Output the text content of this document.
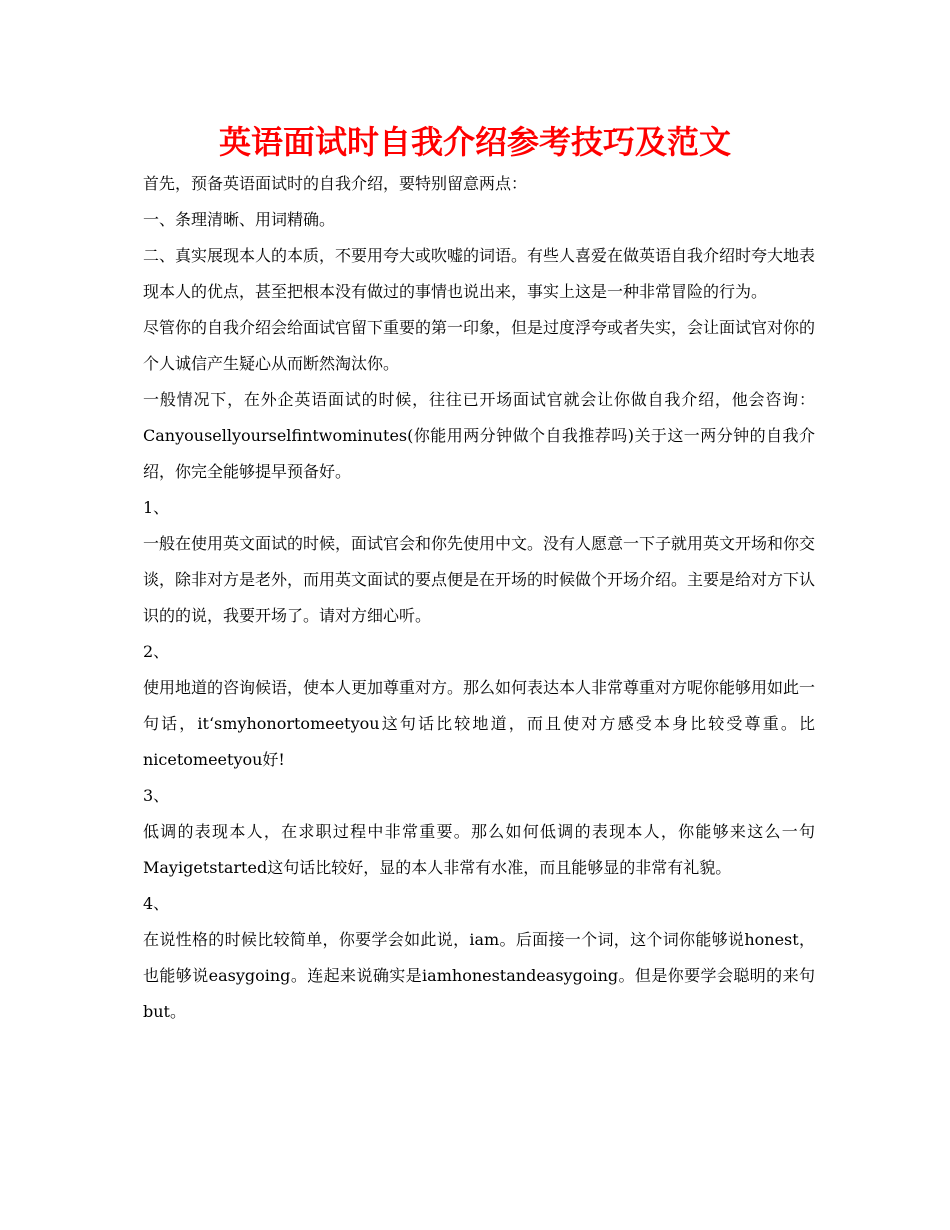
英语面试时自我介绍参考技巧及范文

首先，预备英语面试时的自我介绍，要特别留意两点：

一、条理清晰、用词精确。

二、真实展现本人的本质，不要用夸大或吹嘘的词语。有些人喜爱在做英语自我介绍时夸大地表现本人的优点，甚至把根本没有做过的事情也说出来，事实上这是一种非常冒险的行为。

尽管你的自我介绍会给面试官留下重要的第一印象，但是过度浮夸或者失实，会让面试官对你的个人诚信产生疑心从而断然淘汰你。

一般情况下，在外企英语面试的时候，往往已开场面试官就会让你做自我介绍，他会咨询：Canyousellyourselfintwominutes(你能用两分钟做个自我推荐吗)关于这一两分钟的自我介绍，你完全能够提早预备好。

1、

一般在使用英文面试的时候，面试官会和你先使用中文。没有人愿意一下子就用英文开场和你交谈，除非对方是老外，而用英文面试的要点便是在开场的时候做个开场介绍。主要是给对方下认识的的说，我要开场了。请对方细心听。

2、

使用地道的咨询候语，使本人更加尊重对方。那么如何表达本人非常尊重对方呢你能够用如此一句话，it‘smyhonortomeetyou这句话比较地道，而且使对方感受本身比较受尊重。比nicetomeetyou好!

3、

低调的表现本人，在求职过程中非常重要。那么如何低调的表现本人，你能够来这么一句Mayigetstarted这句话比较好，显的本人非常有水准，而且能够显的非常有礼貌。

4、

在说性格的时候比较简单，你要学会如此说，iam。后面接一个词，这个词你能够说honest，也能够说easygoing。连起来说确实是iamhonestandeasygoing。但是你要学会聪明的来句but。
